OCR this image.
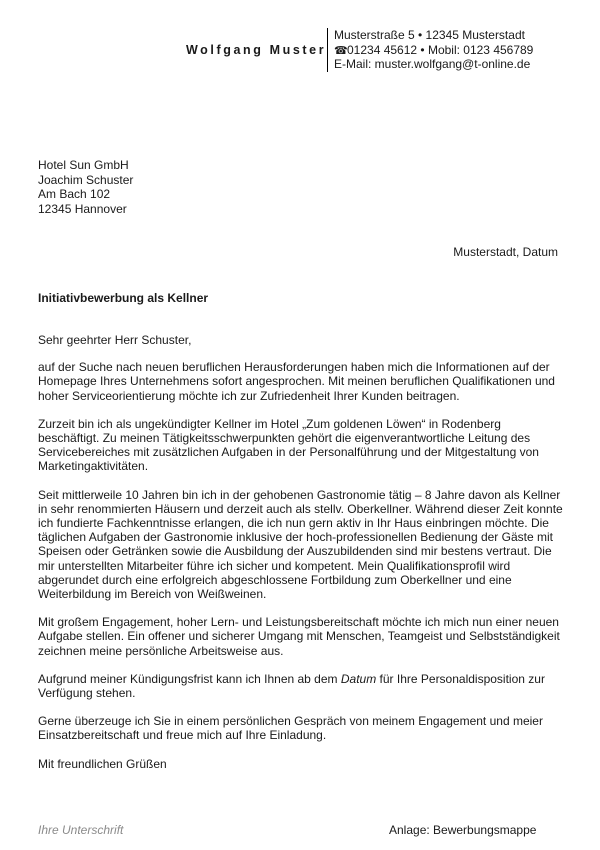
Wolfgang Muster
Musterstraße 5 • 12345 Musterstadt
☎01234 45612 • Mobil: 0123 456789
E-Mail: muster.wolfgang@t-online.de
Hotel Sun GmbH
Joachim Schuster
Am Bach 102
12345 Hannover
Musterstadt, Datum
Initiativbewerbung als Kellner

Sehr geehrter Herr Schuster,

auf der Suche nach neuen beruflichen Herausforderungen haben mich die Informationen auf der Homepage Ihres Unternehmens sofort angesprochen. Mit meinen beruflichen Qualifikationen und hoher Serviceorientierung möchte ich zur Zufriedenheit Ihrer Kunden beitragen.

Zurzeit bin ich als ungekündigter Kellner im Hotel „Zum goldenen Löwen“ in Rodenberg beschäftigt. Zu meinen Tätigkeitsschwerpunkten gehört die eigenverantwortliche Leitung des Servicebereiches mit zusätzlichen Aufgaben in der Personalführung und der Mitgestaltung von Marketingaktivitäten.

Seit mittlerweile 10 Jahren bin ich in der gehobenen Gastronomie tätig – 8 Jahre davon als Kellner in sehr renommierten Häusern und derzeit auch als stellv. Oberkellner. Während dieser Zeit konnte ich fundierte Fachkenntnisse erlangen, die ich nun gern aktiv in Ihr Haus einbringen möchte. Die täglichen Aufgaben der Gastronomie inklusive der hoch-professionellen Bedienung der Gäste mit Speisen oder Getränken sowie die Ausbildung der Auszubildenden sind mir bestens vertraut. Die mir unterstellten Mitarbeiter führe ich sicher und kompetent. Mein Qualifikationsprofil wird abgerundet durch eine erfolgreich abgeschlossene Fortbildung zum Oberkellner und eine Weiterbildung im Bereich von Weißweinen.

Mit großem Engagement, hoher Lern- und Leistungsbereitschaft möchte ich mich nun einer neuen Aufgabe stellen. Ein offener und sicherer Umgang mit Menschen, Teamgeist und Selbstständigkeit zeichnen meine persönliche Arbeitsweise aus.

Aufgrund meiner Kündigungsfrist kann ich Ihnen ab dem Datum für Ihre Personaldisposition zur Verfügung stehen.

Gerne überzeuge ich Sie in einem persönlichen Gespräch von meinem Engagement und meier Einsatzbereitschaft und freue mich auf Ihre Einladung.

Mit freundlichen Grüßen

Ihre Unterschrift	Anlage: Bewerbungsmappe
